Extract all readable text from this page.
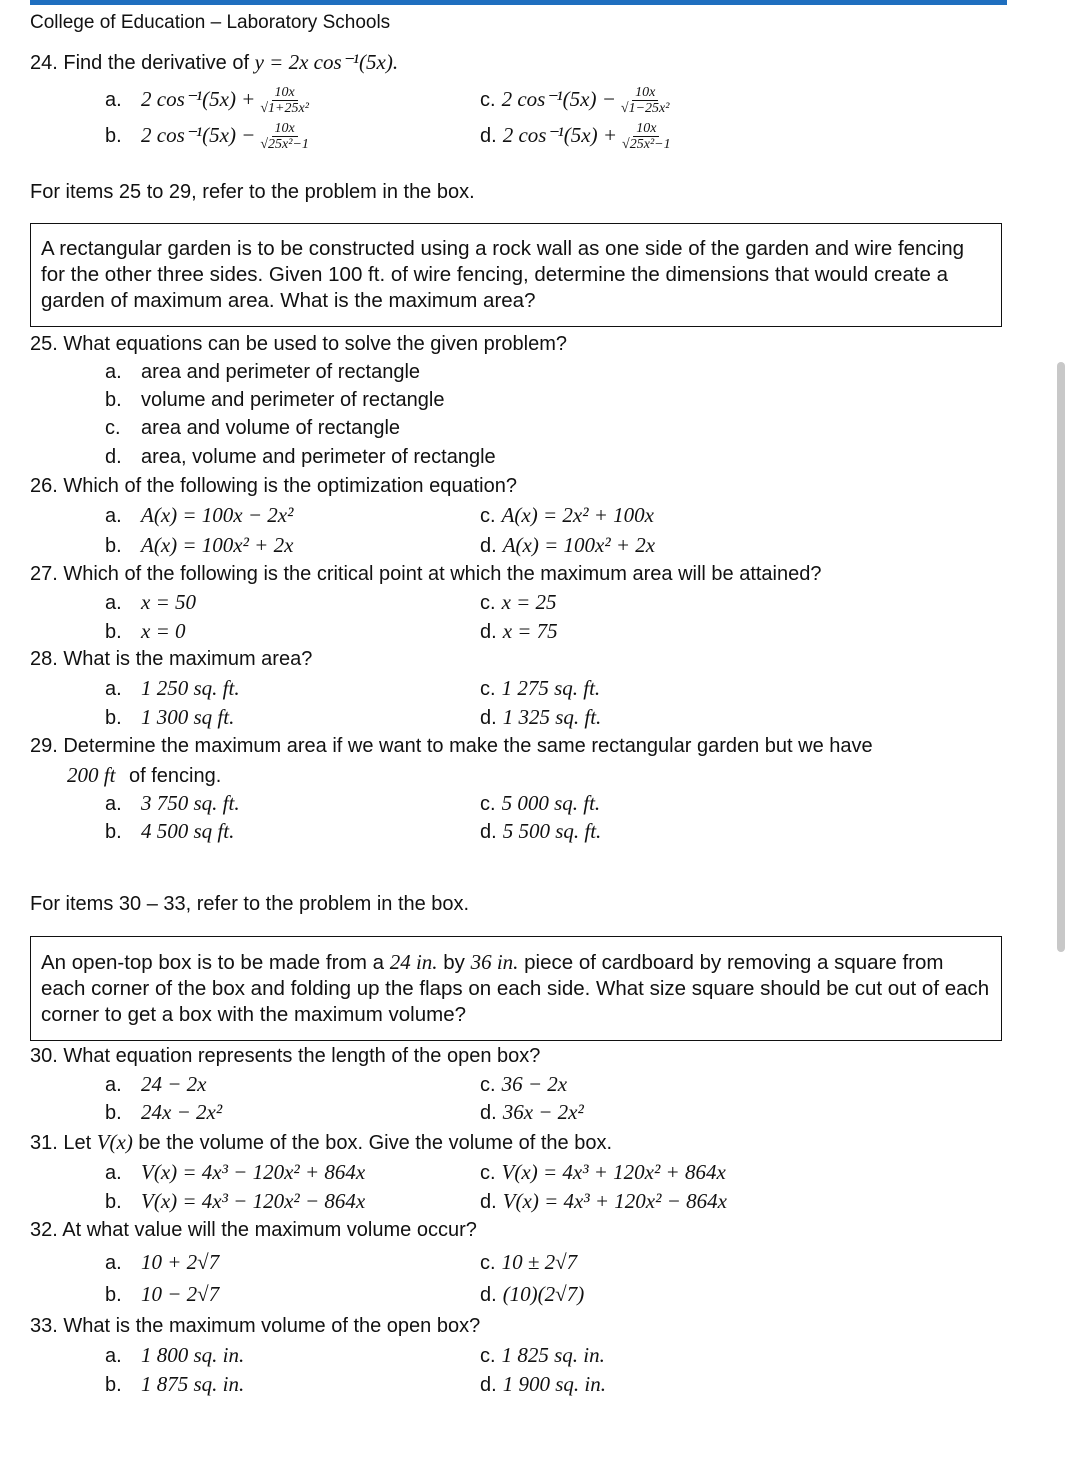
College of Education – Laboratory Schools
24. Find the derivative of y = 2x cos⁻¹(5x).
a. 2 $\cos^{-1}(5x) + \frac{10x}{\text{√1+25x²}}$
b. 2 $\cos^{-1}(5x) - \frac{10x}{\text{√25x²−1}}$
c. 2 $\cos^{-1}(5x) - \frac{10x}{\text{√1−25x²}}$
d. 2 $\cos^{-1}(5x) + \frac{10x}{\text{√25x²−1}}$
For items 25 to 29, refer to the problem in the box.
A rectangular garden is to be constructed using a rock wall as one side of the garden and wire fencing for the other three sides. Given 100 ft. of wire fencing, determine the dimensions that would create a garden of maximum area. What is the maximum area?
25. What equations can be used to solve the given problem?
a. area and perimeter of rectangle
b. volume and perimeter of rectangle
c. area and volume of rectangle
d. area, volume and perimeter of rectangle
26. Which of the following is the optimization equation?
a. A(x) = 100x − 2x²
b. A(x) = 100x² + 2x
c. A(x) = 2x² + 100x
d. A(x) = 100x² + 2x
27. Which of the following is the critical point at which the maximum area will be attained?
a. x = 50
b. x = 0
c. x = 25
d. x = 75
28. What is the maximum area?
a. 1 250 sq. ft.
b. 1 300 sq ft.
c. 1 275 sq. ft.
d. 1 325 sq. ft.
29. Determine the maximum area if we want to make the same rectangular garden but we have
200 ft of fencing.
a. 3 750 sq. ft.
b. 4 500 sq ft.
c. 5 000 sq. ft.
d. 5 500 sq. ft.
For items 30 – 33, refer to the problem in the box.
An open-top box is to be made from a 24 in. by 36 in. piece of cardboard by removing a square from each corner of the box and folding up the flaps on each side. What size square should be cut out of each corner to get a box with the maximum volume?
30. What equation represents the length of the open box?
a. 24 − 2x
b. 24x − 2x²
c. 36 − 2x
d. 36x − 2x²
31. Let V(x) be the volume of the box. Give the volume of the box.
a. V(x) = 4x³ − 120x² + 864x
b. V(x) = 4x³ − 120x² − 864x
c. V(x) = 4x³ + 120x² + 864x
d. V(x) = 4x³ + 120x² − 864x
32. At what value will the maximum volume occur?
a. 10 + 2√7
b. 10 − 2√7
c. 10 ± 2√7
d. (10)(2√7)
33. What is the maximum volume of the open box?
a. 1 800 sq. in.
b. 1 875 sq. in.
c. 1 825 sq. in.
d. 1 900 sq. in.
